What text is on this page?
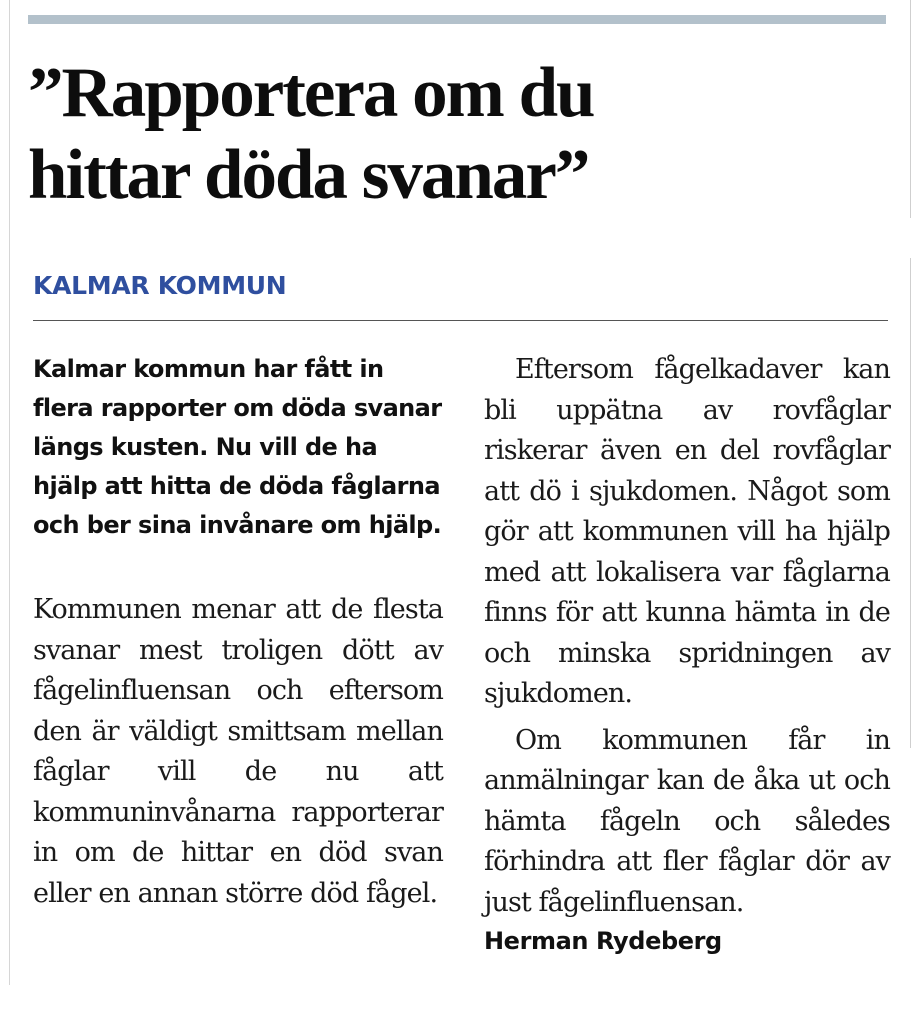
”Rapportera om du
hittar döda svanar”

KALMAR KOMMUN

Kalmar kommun har fått in flera rapporter om döda svanar längs kusten. Nu vill de ha hjälp att hitta de döda fåglarna och ber sina invånare om hjälp.

Kommunen menar att de flesta svanar mest troligen dött av fågelinfluensan och eftersom den är väldigt smittsam mellan fåglar vill de nu att kommuninvånarna rapporterar in om de hittar en död svan eller en annan större död fågel.

Eftersom fågelkadaver kan bli uppätna av rovfåglar riskerar även en del rovfåglar att dö i sjukdomen. Något som gör att kommunen vill ha hjälp med att lokalisera var fåglarna finns för att kunna hämta in de och minska spridningen av sjukdomen.

Om kommunen får in anmälningar kan de åka ut och hämta fågeln och således förhindra att fler fåglar dör av just fågelinfluensan.

Herman Rydeberg
